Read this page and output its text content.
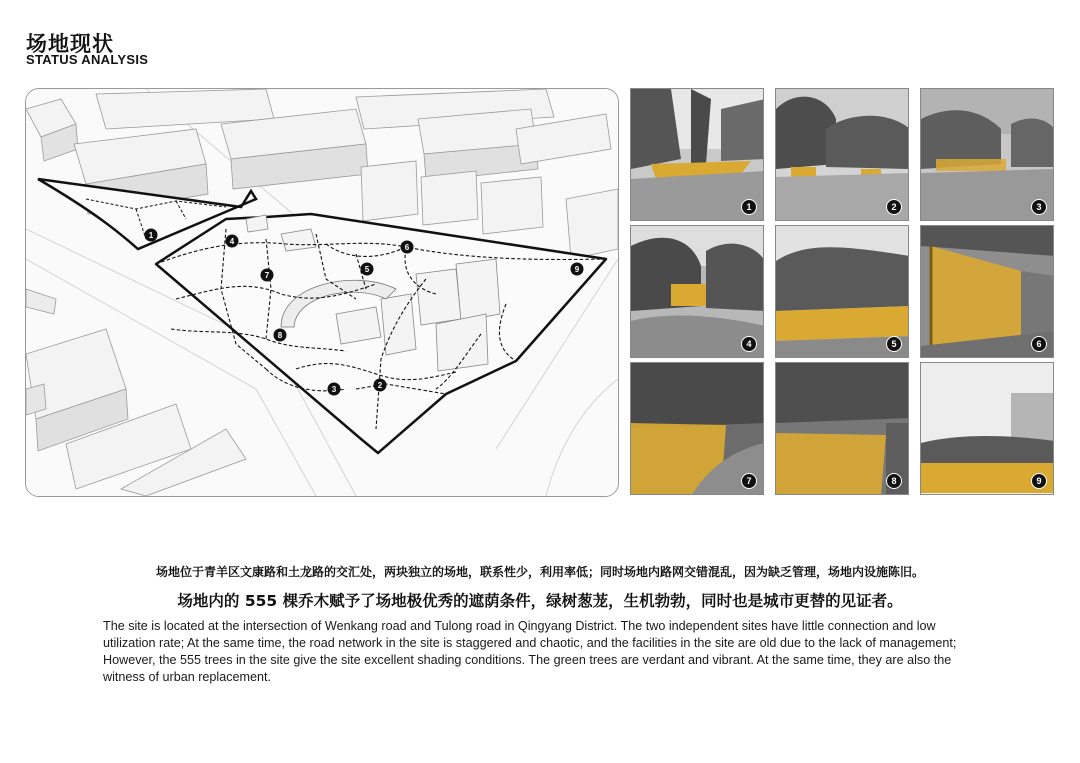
场地现状
STATUS ANALYSIS
1
2
3
4
5
6
7
8
9
1	2	3
4	5	6
7	8	9
场地位于青羊区文康路和土龙路的交汇处，两块独立的场地，联系性少，利用率低；同时场地内路网交错混乱，因为缺乏管理，场地内设施陈旧。
场地内的 555 棵乔木赋予了场地极优秀的遮荫条件，绿树葱茏，生机勃勃，同时也是城市更替的见证者。
The site is located at the intersection of Wenkang road and Tulong road in Qingyang District. The two independent sites have little connection and low utilization rate; At the same time, the road network in the site is staggered and chaotic, and the facilities in the site are old due to the lack of management; However, the 555 trees in the site give the site excellent shading conditions. The green trees are verdant and vibrant. At the same time, they are also the witness of urban replacement.
